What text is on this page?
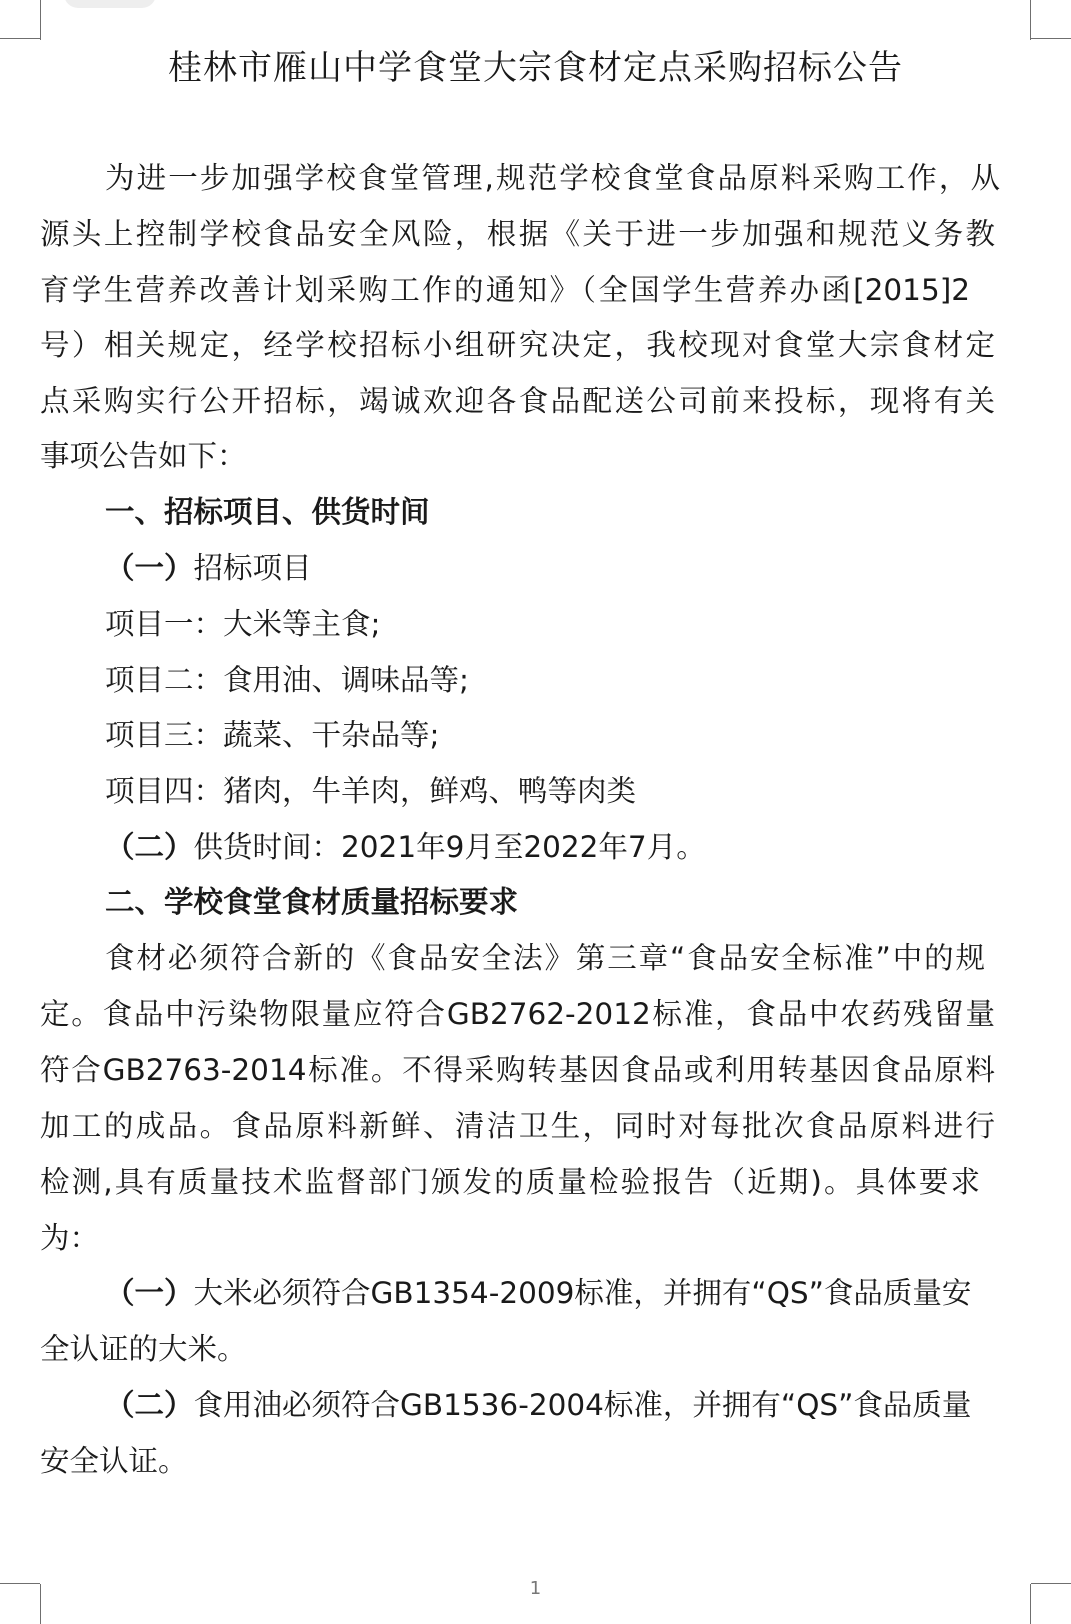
桂林市雁山中学食堂大宗食材定点采购招标公告
为进一步加强学校食堂管理,规范学校食堂食品原料采购工作，从
源头上控制学校食品安全风险，根据《关于进一步加强和规范义务教
育学生营养改善计划采购工作的通知》（全国学生营养办函[2015]2
号）相关规定，经学校招标小组研究决定，我校现对食堂大宗食材定
点采购实行公开招标，竭诚欢迎各食品配送公司前来投标，现将有关
事项公告如下：
一、招标项目、供货时间
（一）招标项目
项目一：大米等主食;
项目二：食用油、调味品等;
项目三：蔬菜、干杂品等;
项目四：猪肉，牛羊肉，鲜鸡、鸭等肉类
（二）供货时间：2021年9月至2022年7月。
二、学校食堂食材质量招标要求
食材必须符合新的《食品安全法》第三章“食品安全标准”中的规
定。食品中污染物限量应符合GB2762-2012标准，食品中农药残留量
符合GB2763-2014标准。不得采购转基因食品或利用转基因食品原料
加工的成品。食品原料新鲜、清洁卫生，同时对每批次食品原料进行
检测,具有质量技术监督部门颁发的质量检验报告（近期)。具体要求
为：
（一）大米必须符合GB1354-2009标准，并拥有“QS”食品质量安
全认证的大米。
（二）食用油必须符合GB1536-2004标准，并拥有“QS”食品质量
安全认证。
1
